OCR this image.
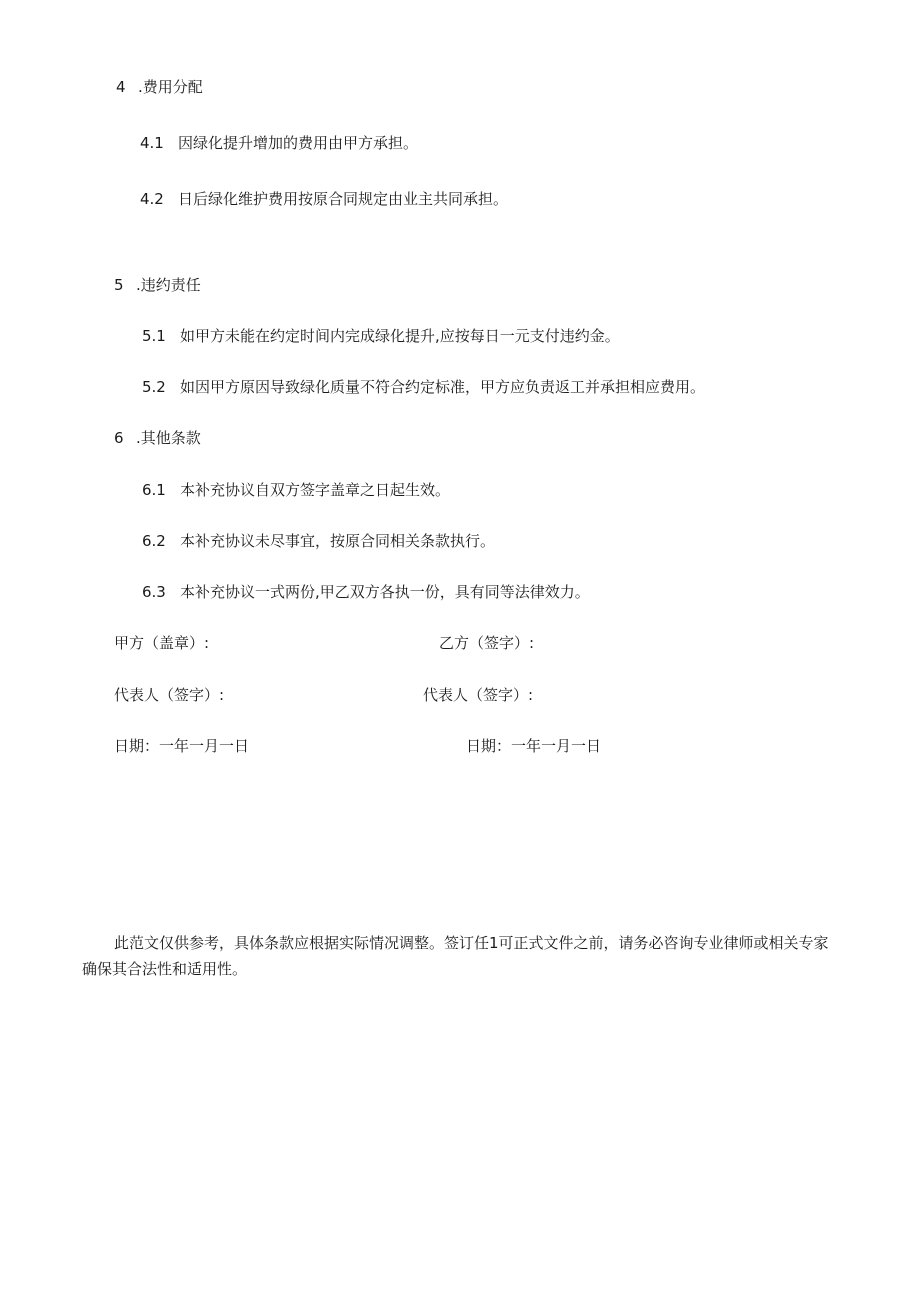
4 .费用分配
4.1 因绿化提升增加的费用由甲方承担。
4.2 日后绿化维护费用按原合同规定由业主共同承担。
5 .违约责任
5.1 如甲方未能在约定时间内完成绿化提升,应按每日一元支付违约金。
5.2 如因甲方原因导致绿化质量不符合约定标准，甲方应负责返工并承担相应费用。
6 .其他条款
6.1 本补充协议自双方签字盖章之日起生效。
6.2 本补充协议未尽事宜，按原合同相关条款执行。
6.3 本补充协议一式两份,甲乙双方各执一份，具有同等法律效力。
甲方（盖章）:	乙方（签字）:
代表人（签字）:	代表人（签字）:
日期：一年一月一日	日期：一年一月一日
此范文仅供参考，具体条款应根据实际情况调整。签订任1可正式文件之前，请务必咨询专业律师或相关专家确保其合法性和适用性。
